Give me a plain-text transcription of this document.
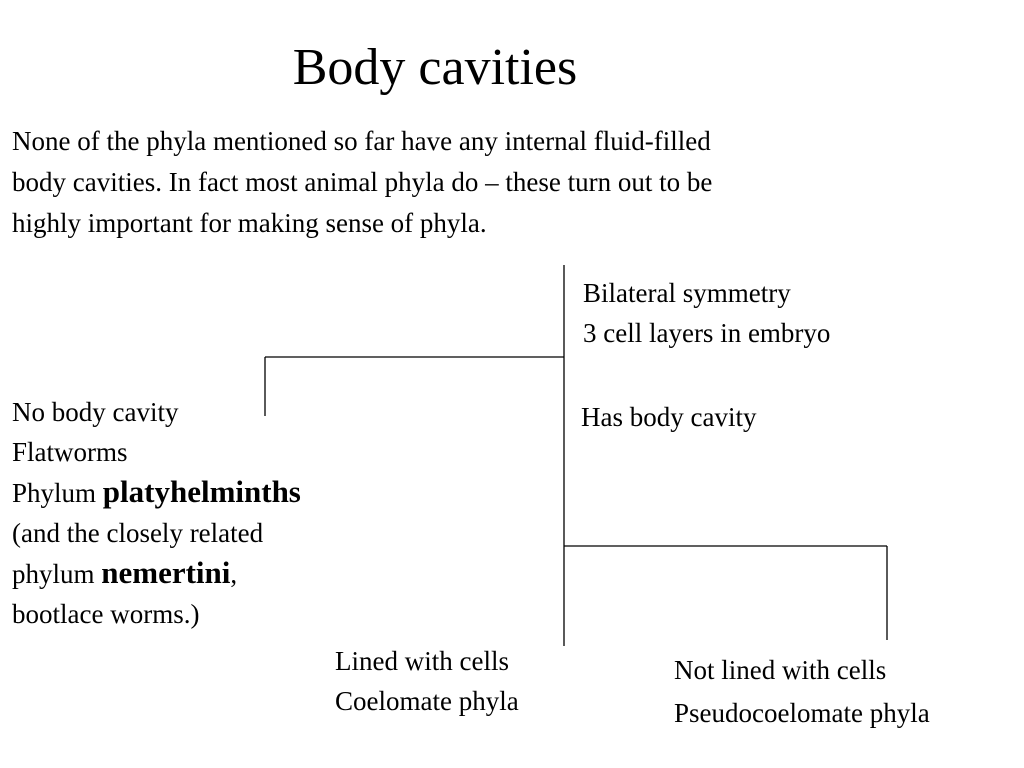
Body cavities
None of the phyla mentioned so far have any internal fluid-filled
body cavities. In fact most animal phyla do – these turn out to be
highly important for making sense of phyla.
Bilateral symmetry
3 cell layers in embryo
Has body cavity
No body cavity
Flatworms
Phylum platyhelminths
(and the closely related
phylum nemertini,
bootlace worms.)
Lined with cells
Coelomate phyla
Not lined with cells
Pseudocoelomate phyla
